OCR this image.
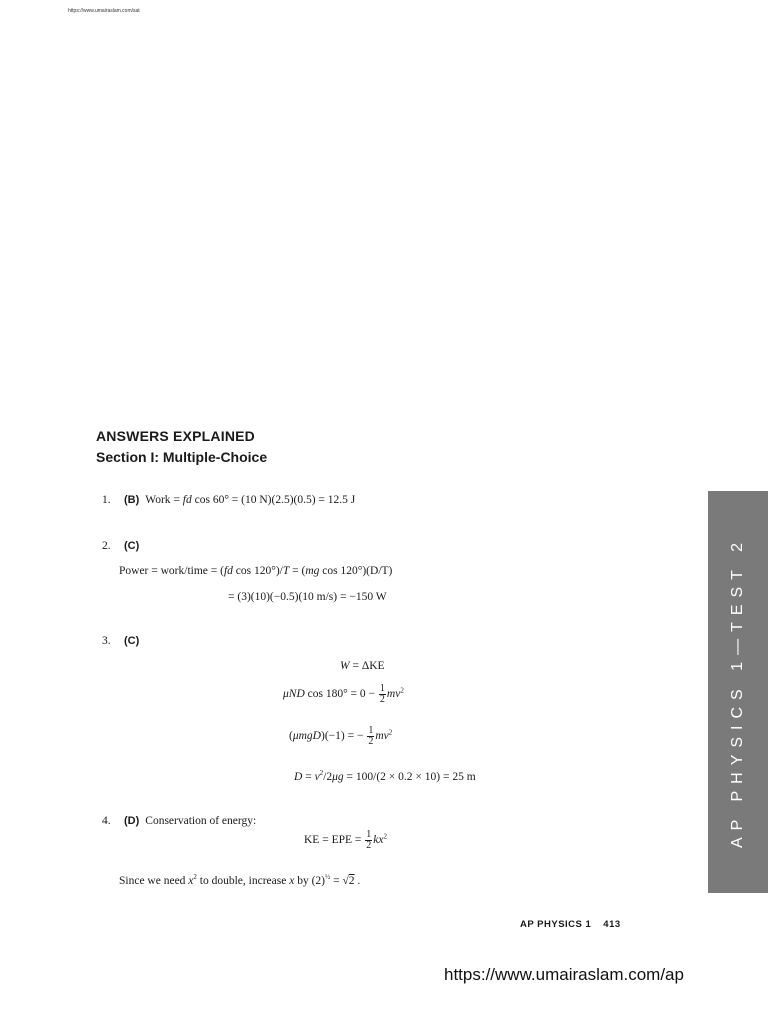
https://www.umairaslam.com/sat
ANSWERS EXPLAINED
Section I: Multiple-Choice
1. (B) Work = fd cos 60° = (10 N)(2.5)(0.5) = 12.5 J
2. (C)
Power = work/time = (fd cos 120°)/T = (mg cos 120°)(D/T)
= (3)(10)(−0.5)(10 m/s) = −150 W
3. (C)
W = ΔKE
μND $\cos 180^\circ = 0 - \frac{1}{2} mv^2$
(μmgD)(−1) = − $\frac{1}{2} mv^2$
$D = v^2/2\mu g = 100/(2 \times 0.2 \times 10) = 25$ m
4. (D) Conservation of energy:
KE = EPE = $\frac{1}{2} kx^2$
Since we need $x^2$ to double, increase x by $(2)^{\frac{1}{2}} = √2$ .
AP PHYSICS 1—TEST 2
AP PHYSICS 1 413
https://www.umairaslam.com/ap
